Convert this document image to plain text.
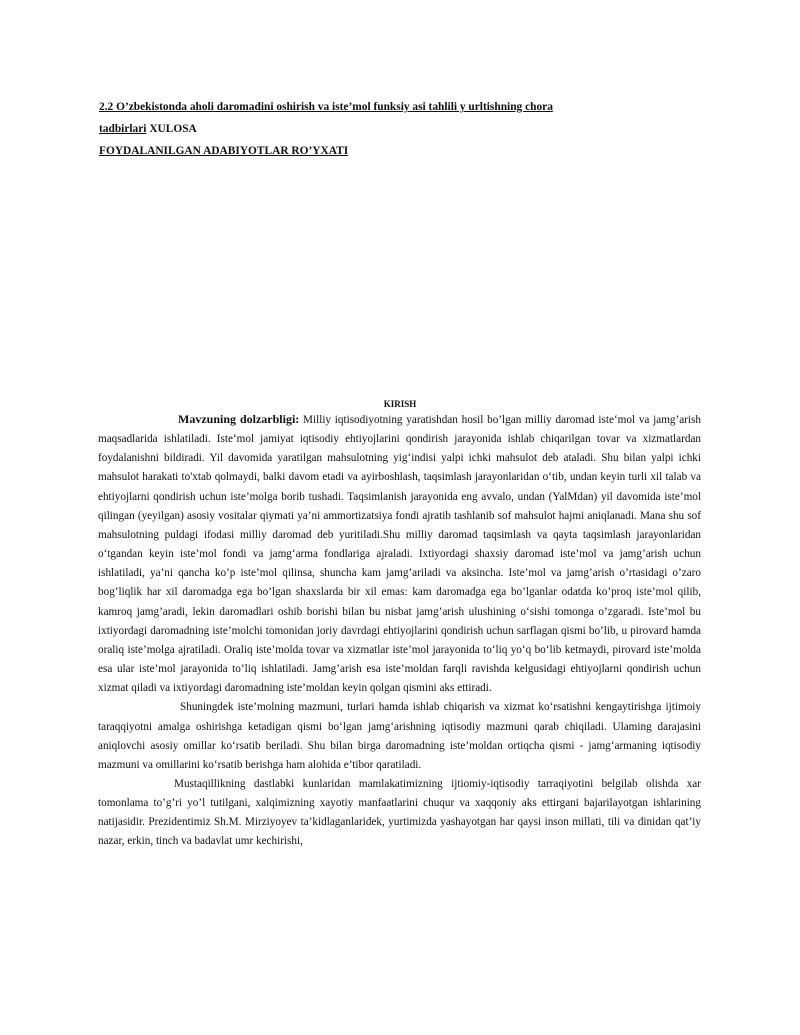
2.2 O’zbekistonda aholi daromadini oshirish va iste’mol funksiy asi tahlili y urltishning chora
tadbirlari XULOSA
FOYDALANILGAN ADABIYOTLAR RO’YXATI
KIRISH

Mavzuning dolzarbligi: Milliy iqtisodiyotning yaratishdan hosil bo’lgan milliy daromad iste‘mol va jamg’arish maqsadlarida ishlatiladi. Iste‘mol jamiyat iqtisodiy ehtiyojlarini qondirish jarayonida ishlab chiqarilgan tovar va xizmatlardan foydalanishni bildiradi. Yil davomida yaratilgan mahsulotning yig‘indisi yalpi ichki mahsulot deb ataladi. Shu bilan yalpi ichki mahsulot harakati to'xtab qolmaydi, balki davom etadi va ayirboshlash, taqsimlash jarayonlaridan o‘tib, undan keyin turli xil talab va ehtiyojlarni qondirish uchun iste’molga borib tushadi. Taqsimlanish jarayonida eng avvalo, undan (YalMdan) yil davomida iste’mol qilingan (yeyilgan) asosiy vositalar qiymati ya’ni ammortizatsiya fondi ajratib tashlanib sof mahsulot hajmi aniqlanadi. Mana shu sof mahsulotning puldagi ifodasi milliy daromad deb yuritiladi.Shu milliy daromad taqsimlash va qayta taqsimlash jarayonlaridan o‘tgandan keyin iste’mol fondi va jamg‘arma fondlariga ajraladi. Ixtiyordagi shaxsiy daromad iste’mol va jamg’arish uchun ishlatiladi, ya’ni qancha ko’p iste’mol qilinsa, shuncha kam jamg’ariladi va aksincha. Iste’mol va jamg’arish o’rtasidagi o’zaro bog’liqlik har xil daromadga ega bo’lgan shaxslarda bir xil emas: kam daromadga ega bo’lganlar odatda ko’proq iste’mol qilib, kamroq jamg’aradi, lekin daromadlari oshib borishi bilan bu nisbat jamg’arish ulushining o‘sishi tomonga o’zgaradi. Iste’mol bu ixtiyordagi daromadning iste’molchi tomonidan joriy davrdagi ehtiyojlarini qondirish uchun sarflagan qismi bo’lib, u pirovard hamda oraliq iste’molga ajratiladi. Oraliq iste’molda tovar va xizmatlar iste’mol jarayonida to‘liq yo‘q bo‘lib ketmaydi, pirovard iste’molda esa ular iste’mol jarayonida to’liq ishlatiladi. Jamg’arish esa iste’moldan farqli ravishda kelgusidagi ehtiyojlarni qondirish uchun xizmat qiladi va ixtiyordagi daromadning iste’moldan keyin qolgan qismini aks ettiradi.

Shuningdek iste’molning mazmuni, turlari hamda ishlab chiqarish va xizmat ko‘rsatishni kengaytirishga ijtimoiy taraqqiyotni amalga oshirishga ketadigan qismi bo‘lgan jamg‘arishning iqtisodiy mazmuni qarab chiqiladi. Ulaming darajasini aniqlovchi asosiy omillar ko‘rsatib beriladi. Shu bilan birga daromadning iste’moldan ortiqcha qismi - jamg‘armaning iqtisodiy mazmuni va omillarini ko‘rsatib berishga ham alohida e’tibor qaratiladi.

Mustaqillikning dastlabki kunlaridan mamlakatimizning ijtiomiy-iqtisodiy tarraqiyotini belgilab olishda xar tomonlama to’g’ri yo’l tutilgani, xalqimizning xayotiy manfaatlarini chuqur va xaqqoniy aks ettirgani bajarilayotgan ishlarining natijasidir. Prezidentimiz Sh.M. Mirziyoyev ta’kidlaganlaridek, yurtimizda yashayotgan har qaysi inson millati, tili va dinidan qat’iy nazar, erkin, tinch va badavlat umr kechirishi,
